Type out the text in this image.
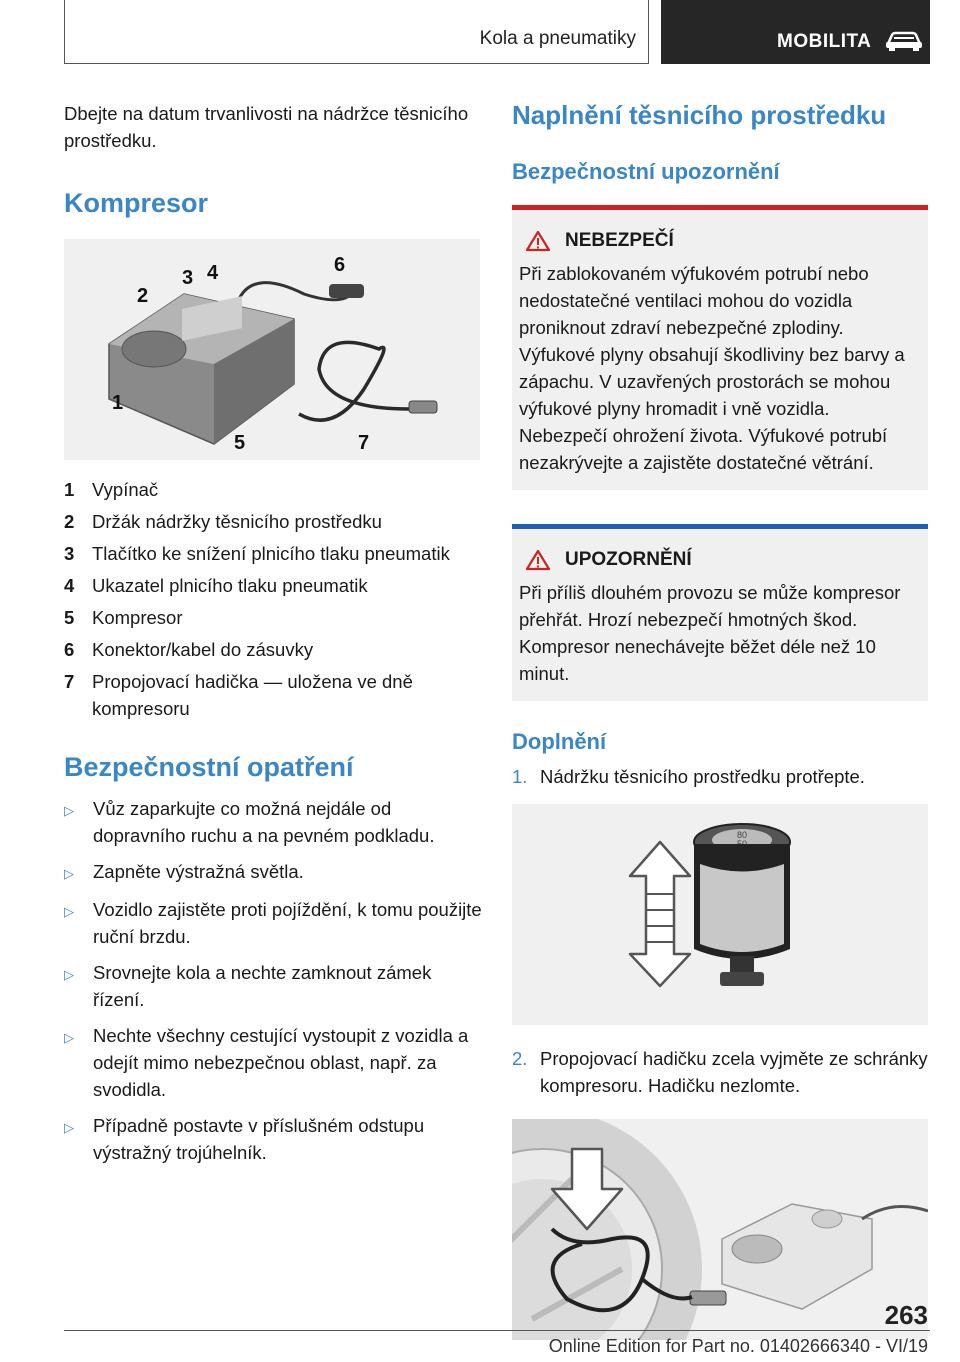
Kola a pneumatiky	MOBILITA
Dbejte na datum trvanlivosti na nádržce těsnicího prostředku.
Kompresor
2
3 4	6
1
5	7
1 Vypínač
2 Držák nádržky těsnicího prostředku
3 Tlačítko ke snížení plnicího tlaku pneumatik
4 Ukazatel plnicího tlaku pneumatik
5 Kompresor
6 Konektor/kabel do zásuvky
7 Propojovací hadička — uložena ve dně kompresoru
Bezpečnostní opatření
▷	Vůz zaparkujte co možná nejdále od dopravního ruchu a na pevném podkladu.
▷	Zapněte výstražná světla.
▷	Vozidlo zajistěte proti pojíždění, k tomu použijte ruční brzdu.
▷	Srovnejte kola a nechte zamknout zámek řízení.
▷	Nechte všechny cestující vystoupit z vozidla a odejít mimo nebezpečnou oblast, např. za svodidla.
▷	Případně postavte v příslušném odstupu výstražný trojúhelník.
Naplnění těsnicího prostředku
Bezpečnostní upozornění
NEBEZPEČÍ
Při zablokovaném výfukovém potrubí nebo nedostatečné ventilaci mohou do vozidla proniknout zdraví nebezpečné zplodiny. Výfukové plyny obsahují škodliviny bez barvy a zápachu. V uzavřených prostorách se mohou výfukové plyny hromadit i vně vozidla. Nebezpečí ohrožení života. Výfukové potrubí nezakrývejte a zajistěte dostatečné větrání.
UPOZORNĚNÍ
Při příliš dlouhém provozu se může kompresor přehřát. Hrozí nebezpečí hmotných škod. Kompresor nenechávejte běžet déle než 10 minut.
Doplnění
1. Nádržku těsnicího prostředku protřepte.
80
2. Propojovací hadičku zcela vyjměte ze schránky kompresoru. Hadičku nezlomte.
263
Online Edition for Part no. 01402666340 - VI/19
